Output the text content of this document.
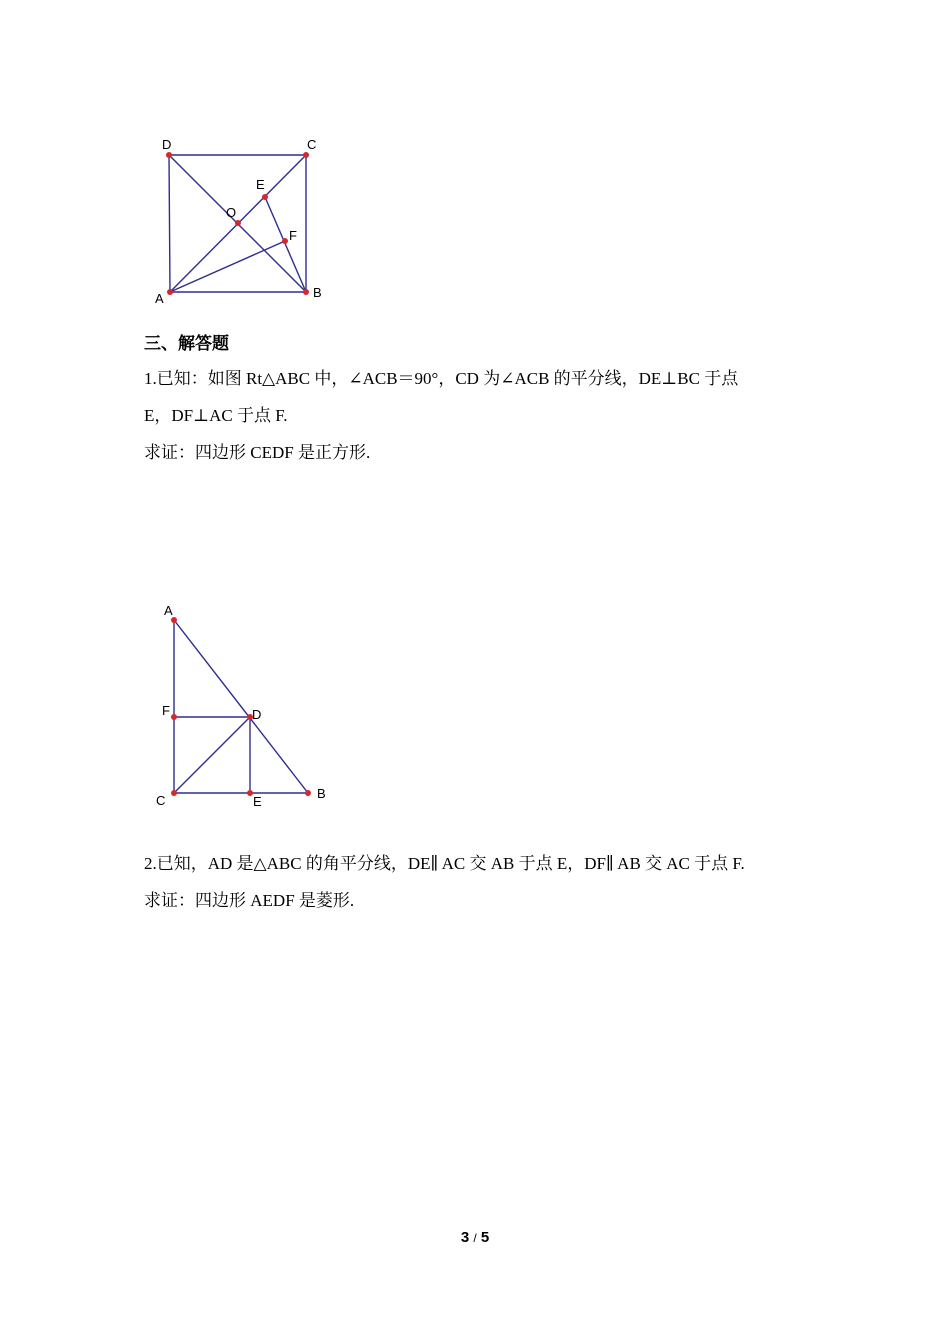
D	C
A	B
O
E
F
三、解答题
1.已知：如图 Rt△ABC 中，∠ACB＝90°，CD 为∠ACB 的平分线，DE⊥BC 于点
E，DF⊥AC 于点 F.
求证：四边形 CEDF 是正方形.
A
F	D
C	E
B
2.已知，AD 是△ABC 的角平分线，DE∥ AC 交 AB 于点 E，DF∥ AB 交 AC 于点 F.
求证：四边形 AEDF 是菱形.
3 / 5
